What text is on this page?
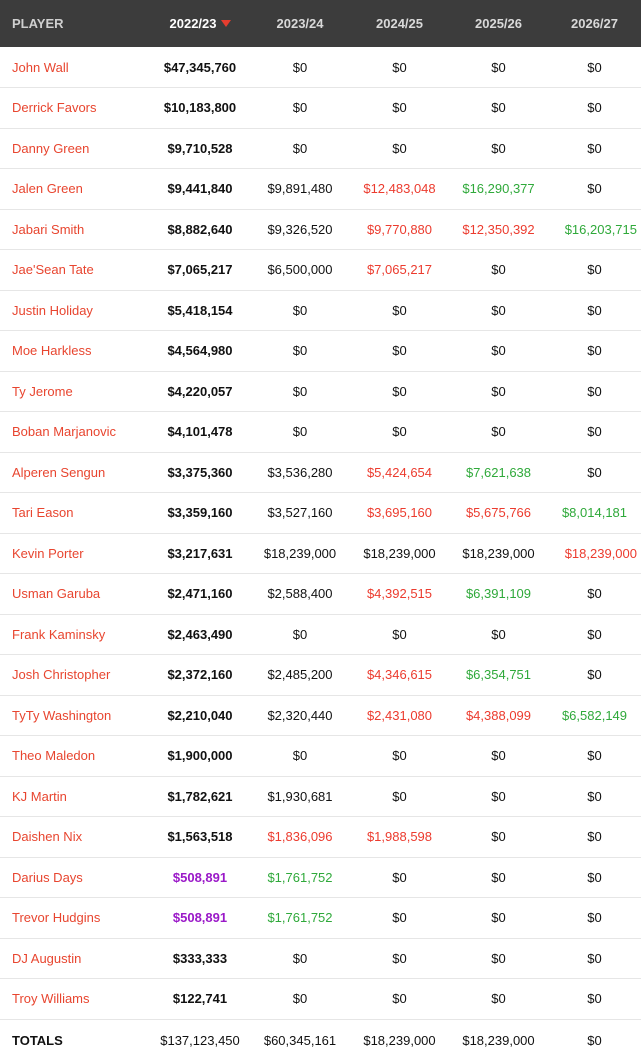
PLAYER	2022/23	2023/24	2024/25	2025/26	2026/27
John Wall	$47,345,760	$0	$0	$0	$0
Derrick Favors	$10,183,800	$0	$0	$0	$0
Danny Green	$9,710,528	$0	$0	$0	$0
Jalen Green	$9,441,840	$9,891,480	$12,483,048	$16,290,377	$0
Jabari Smith	$8,882,640	$9,326,520	$9,770,880	$12,350,392	$16,203,715
Jae'Sean Tate	$7,065,217	$6,500,000	$7,065,217	$0	$0
Justin Holiday	$5,418,154	$0	$0	$0	$0
Moe Harkless	$4,564,980	$0	$0	$0	$0
Ty Jerome	$4,220,057	$0	$0	$0	$0
Boban Marjanovic	$4,101,478	$0	$0	$0	$0
Alperen Sengun	$3,375,360	$3,536,280	$5,424,654	$7,621,638	$0
Tari Eason	$3,359,160	$3,527,160	$3,695,160	$5,675,766	$8,014,181
Kevin Porter	$3,217,631	$18,239,000	$18,239,000	$18,239,000	$18,239,000
Usman Garuba	$2,471,160	$2,588,400	$4,392,515	$6,391,109	$0
Frank Kaminsky	$2,463,490	$0	$0	$0	$0
Josh Christopher	$2,372,160	$2,485,200	$4,346,615	$6,354,751	$0
TyTy Washington	$2,210,040	$2,320,440	$2,431,080	$4,388,099	$6,582,149
Theo Maledon	$1,900,000	$0	$0	$0	$0
KJ Martin	$1,782,621	$1,930,681	$0	$0	$0
Daishen Nix	$1,563,518	$1,836,096	$1,988,598	$0	$0
Darius Days	$508,891	$1,761,752	$0	$0	$0
Trevor Hudgins	$508,891	$1,761,752	$0	$0	$0
DJ Augustin	$333,333	$0	$0	$0	$0
Troy Williams	$122,741	$0	$0	$0	$0
TOTALS	$137,123,450	$60,345,161	$18,239,000	$18,239,000	$0
